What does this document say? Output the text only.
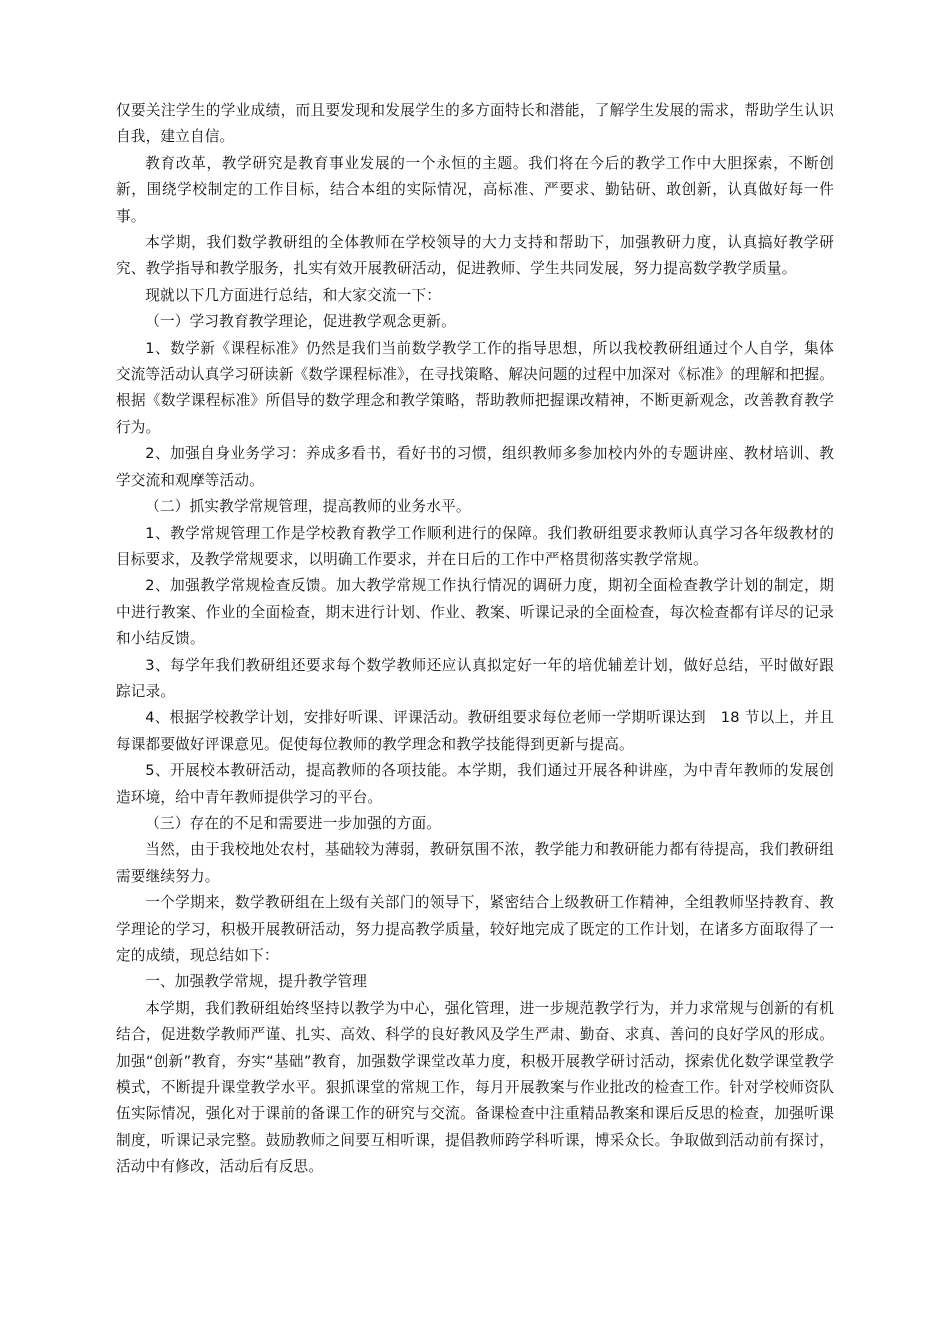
仅要关注学生的学业成绩，而且要发现和发展学生的多方面特长和潜能，了解学生发展的需求，帮助学生认识自我，建立自信。

教育改革，教学研究是教育事业发展的一个永恒的主题。我们将在今后的教学工作中大胆探索，不断创新，围绕学校制定的工作目标，结合本组的实际情况，高标准、严要求、勤钻研、敢创新，认真做好每一件事。

本学期，我们数学教研组的全体教师在学校领导的大力支持和帮助下，加强教研力度，认真搞好教学研究、教学指导和教学服务，扎实有效开展教研活动，促进教师、学生共同发展，努力提高数学教学质量。

现就以下几方面进行总结，和大家交流一下：

（一）学习教育教学理论，促进教学观念更新。

1、数学新《课程标准》仍然是我们当前数学教学工作的指导思想，所以我校教研组通过个人自学，集体交流等活动认真学习研读新《数学课程标准》，在寻找策略、解决问题的过程中加深对《标准》的理解和把握。根据《数学课程标准》所倡导的数学理念和教学策略，帮助教师把握课改精神，不断更新观念，改善教育教学行为。

2、加强自身业务学习：养成多看书，看好书的习惯，组织教师多参加校内外的专题讲座、教材培训、教学交流和观摩等活动。

（二）抓实教学常规管理，提高教师的业务水平。

1、教学常规管理工作是学校教育教学工作顺利进行的保障。我们教研组要求教师认真学习各年级教材的目标要求，及教学常规要求，以明确工作要求，并在日后的工作中严格贯彻落实教学常规。

2、加强教学常规检查反馈。加大教学常规工作执行情况的调研力度，期初全面检查教学计划的制定，期中进行教案、作业的全面检查，期末进行计划、作业、教案、听课记录的全面检查，每次检查都有详尽的记录和小结反馈。

3、每学年我们教研组还要求每个数学教师还应认真拟定好一年的培优辅差计划，做好总结，平时做好跟踪记录。

4、根据学校教学计划，安排好听课、评课活动。教研组要求每位老师一学期听课达到　18 节以上，并且每课都要做好评课意见。促使每位教师的教学理念和教学技能得到更新与提高。

5、开展校本教研活动，提高教师的各项技能。本学期，我们通过开展各种讲座，为中青年教师的发展创造环境，给中青年教师提供学习的平台。

（三）存在的不足和需要进一步加强的方面。

当然，由于我校地处农村，基础较为薄弱，教研氛围不浓，教学能力和教研能力都有待提高，我们教研组需要继续努力。

一个学期来，数学教研组在上级有关部门的领导下，紧密结合上级教研工作精神，全组教师坚持教育、教学理论的学习，积极开展教研活动，努力提高教学质量，较好地完成了既定的工作计划，在诸多方面取得了一定的成绩，现总结如下：

一、加强教学常规，提升教学管理

本学期，我们教研组始终坚持以教学为中心，强化管理，进一步规范教学行为，并力求常规与创新的有机结合，促进数学教师严谨、扎实、高效、科学的良好教风及学生严肃、勤奋、求真、善问的良好学风的形成。加强“创新”教育，夯实“基础”教育，加强数学课堂改革力度，积极开展教学研讨活动，探索优化数学课堂教学模式，不断提升课堂教学水平。狠抓课堂的常规工作，每月开展教案与作业批改的检查工作。针对学校师资队伍实际情况，强化对于课前的备课工作的研究与交流。备课检查中注重精品教案和课后反思的检查，加强听课制度，听课记录完整。鼓励教师之间要互相听课，提倡教师跨学科听课，博采众长。争取做到活动前有探讨，活动中有修改，活动后有反思。
